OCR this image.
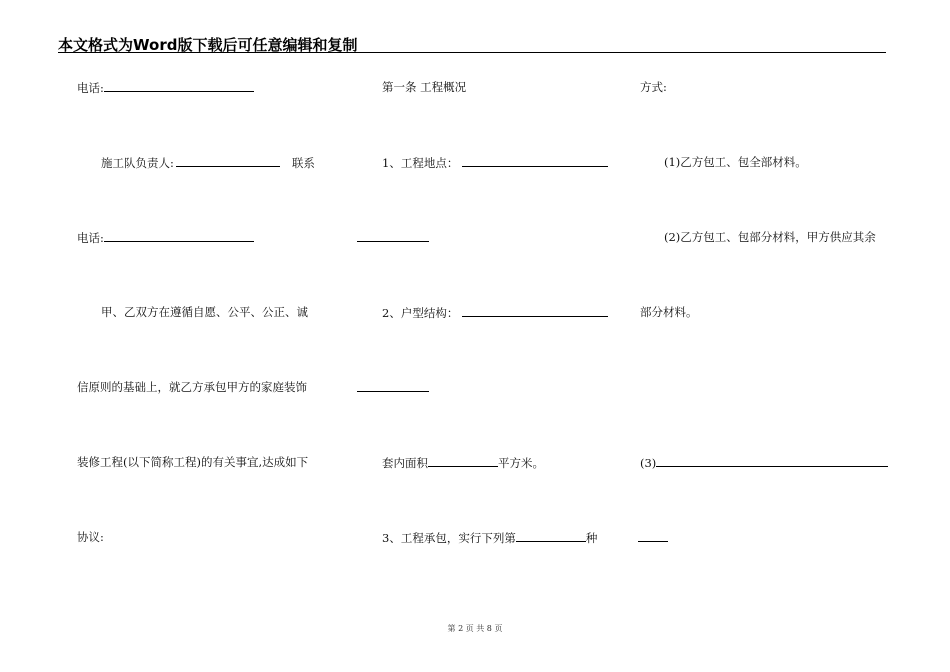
本文格式为Word版下载后可任意编辑和复制
电话:
施工队负责人:	联系
电话:
甲、乙双方在遵循自愿、公平、公正、诚
信原则的基础上，就乙方承包甲方的家庭装饰
装修工程(以下简称工程)的有关事宜,达成如下
协议:
第一条 工程概况
1、工程地点：
2、户型结构：
套内面积	平方米。
3、工程承包，实行下列第	种
方式:
(1)乙方包工、包全部材料。
(2)乙方包工、包部分材料，甲方供应其余
部分材料。
(3)
第 2 页 共 8 页
